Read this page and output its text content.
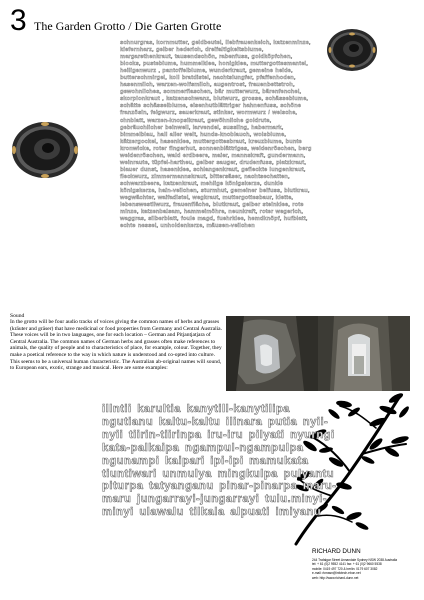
3 The Garden Grotto / Die Garten Grotte
schnurgras, kornmutter, geldbeutel, liebfrauenkeich, katzenminze, kiefernharz, gelber hederich, dreifaltigkeitsblume, margarethenkraut, tausendschön, rabenfuss, goldköpfchen, blocks, pustebiume, hummelklee, honigklee, muttergottesmantel, heiligenwurz , pantoffelblume, wunderkraut, gemeine heide, butterschmirgel, koll bratdistel, nachtsiungfer, pfaffenhoden, hasenmilch, warzen-wolfsmilch, augentrost, frauenbettstroh, gewohnliches, sommerflaschen, bär mutterwurz, bärenfenchel, skorpionkraut , katzenschwanz, blutwurz, grosse, schässebiume, schätte schässelblume, eisenhutblättriger hahnenfuss, schöne französin, feigwurz, sauerkraut, stinker, wormwurz / welsche, chnblatt, warzen-knopsikraut, gewöhnliche goldrute, gebräuchlicher beinwell, larvendel, sussling, habermark, bimmelblau, hall aller welt, hunds-knoblauch, wolsblume, kätzergockel, hasenklee, muttergottesbraut, kreuzblume, bunte kronwicke, roter fingerhut, sonnenblättriges, weidenröschen, berg weidenröschen, wald erdbeere, maier, mannskraft, gundermann, weinraute, tüpfel-hartheu, gelber sauger, drudenfuss, platzkraut, blauer dunst, hasenklee, schlangenkraut, gefleckte lungenkraut, fleckwurz, zimmermannskraut, bittersäser, nachtsechatten, schwarzbeere, katzenkraut, mehlige königskerze, dunkle königskerze, hain-veilchen, sturmhut, gemeiner beifuss, blutkrau, wegwächter, waifadistel, wegkraut, muttergottesbaur, klette, lebenswestilwurz, frauenfläche, blutkraut, gelber steinklee, rote minze, katzenbalsam, hammeimöhre, neunkraft, roter wegerich, waggras, silberblatt, foule magd, fuehrklee, hemdknöpf, hufblatt, echte nessel, unholdenkerze, mäusen-veilchen
Sound
In the grotto will be four audio tracks of voices giving the common names of herbs and grasses (kräuter and gräser) that have medicinal or food properties from Germany and Central Australia. These voices will be in two languages, one for each location – German and Pitjantjatjara of Central Australia. The common names of German herbs and grasses often make references to animals, the quality of people and to characteristics of place, for example, colour. Together, they make a poetical reference to the way in which nature is understood and co-opted into culture. This seems to be a universal human characteristic. The Australian ab-original names will sound, to European ears, exotic, strange and musical. Here are some examples:
illntii karultia kanytill-kanytilipa ngutianu kaltu-kaltu ilinara putia nyii-nyii tiirin-tiirinpa iru-iru pilyati nyurngi kata-palkaipa ngampul-ngampulpa ngunampi kaipari ipi-ipi mamukata tiuntiwari unmulya mingkulpa pulyantu piturpa tatyanganu pinar-pinarpa maru-maru jungarrayi-jungarrayi tulu.minyi-minyi ulawalu tilkala alpuati imiyanu
RICHARD DUNN
244 Trafalgar Street Annandale Sydney NSW 2038 Australia
tel: + 61 (0)2 9552 4141 fax: + 61 (0)2 9660 5538
mobile: 0419 497 720 & berlin: 0179 607 3082
e-mail: rkmasn@infotech.ebon.net
web: http://www.richard-dunn.net
